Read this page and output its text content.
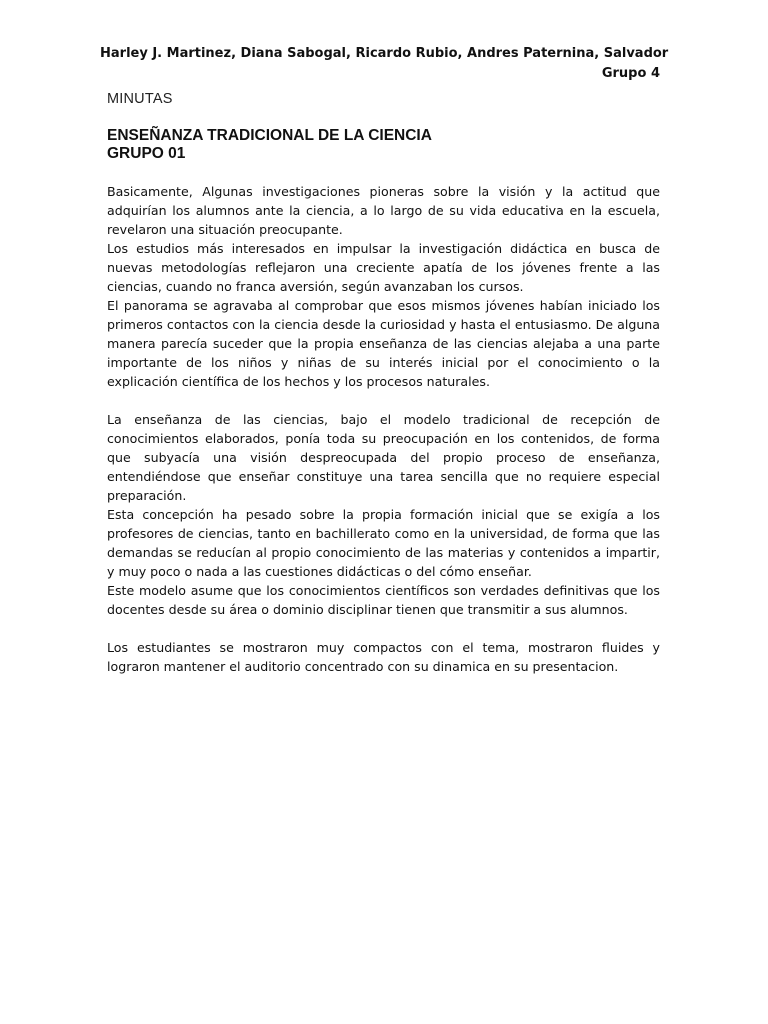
Harley J. Martinez, Diana Sabogal, Ricardo Rubio, Andres Paternina, Salvador
Grupo 4
MINUTAS
ENSEÑANZA TRADICIONAL DE LA CIENCIA
GRUPO 01

Basicamente, Algunas investigaciones pioneras sobre la visión y la actitud que adquirían los alumnos ante la ciencia, a lo largo de su vida educativa en la escuela, revelaron una situación preocupante.

Los estudios más interesados en impulsar la investigación didáctica en busca de nuevas metodologías reflejaron una creciente apatía de los jóvenes frente a las ciencias, cuando no franca aversión, según avanzaban los cursos.

El panorama se agravaba al comprobar que esos mismos jóvenes habían iniciado los primeros contactos con la ciencia desde la curiosidad y hasta el entusiasmo. De alguna manera parecía suceder que la propia enseñanza de las ciencias alejaba a una parte importante de los niños y niñas de su interés inicial por el conocimiento o la explicación científica de los hechos y los procesos naturales.

La enseñanza de las ciencias, bajo el modelo tradicional de recepción de conocimientos elaborados, ponía toda su preocupación en los contenidos, de forma que subyacía una visión despreocupada del propio proceso de enseñanza, entendiéndose que enseñar constituye una tarea sencilla que no requiere especial preparación.

Esta concepción ha pesado sobre la propia formación inicial que se exigía a los profesores de ciencias, tanto en bachillerato como en la universidad, de forma que las demandas se reducían al propio conocimiento de las materias y contenidos a impartir, y muy poco o nada a las cuestiones didácticas o del cómo enseñar.

Este modelo asume que los conocimientos científicos son verdades definitivas que los docentes desde su área o dominio disciplinar tienen que transmitir a sus alumnos.

Los estudiantes se mostraron muy compactos con el tema, mostraron fluides y lograron mantener el auditorio concentrado con su dinamica en su presentacion.
